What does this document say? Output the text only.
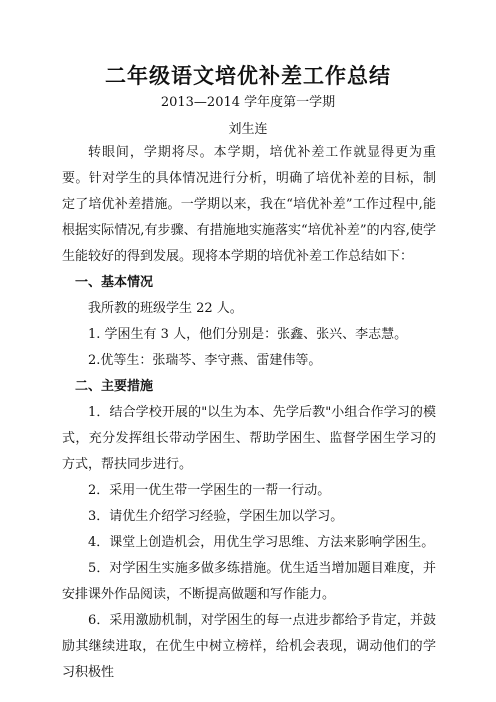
二年级语文培优补差工作总结
2013—2014 学年度第一学期
刘生连

转眼间，学期将尽。本学期，培优补差工作就显得更为重要。针对学生的具体情况进行分析，明确了培优补差的目标，制定了培优补差措施。一学期以来，我在“培优补差”工作过程中,能根据实际情况,有步骤、有措施地实施落实“培优补差”的内容,使学生能较好的得到发展。现将本学期的培优补差工作总结如下：

一、基本情况

我所教的班级学生 22 人。

1. 学困生有 3 人，他们分别是：张鑫、张兴、李志慧。

2.优等生：张瑞芩、李守燕、雷建伟等。

二、主要措施

1．结合学校开展的"以生为本、先学后教"小组合作学习的模式，充分发挥组长带动学困生、帮助学困生、监督学困生学习的方式，帮扶同步进行。

2．采用一优生带一学困生的一帮一行动。

3．请优生介绍学习经验，学困生加以学习。

4．课堂上创造机会，用优生学习思维、方法来影响学困生。

5．对学困生实施多做多练措施。优生适当增加题目难度，并安排课外作品阅读，不断提高做题和写作能力。

6．采用激励机制，对学困生的每一点进步都给予肯定，并鼓励其继续进取，在优生中树立榜样，给机会表现，调动他们的学习积极性
